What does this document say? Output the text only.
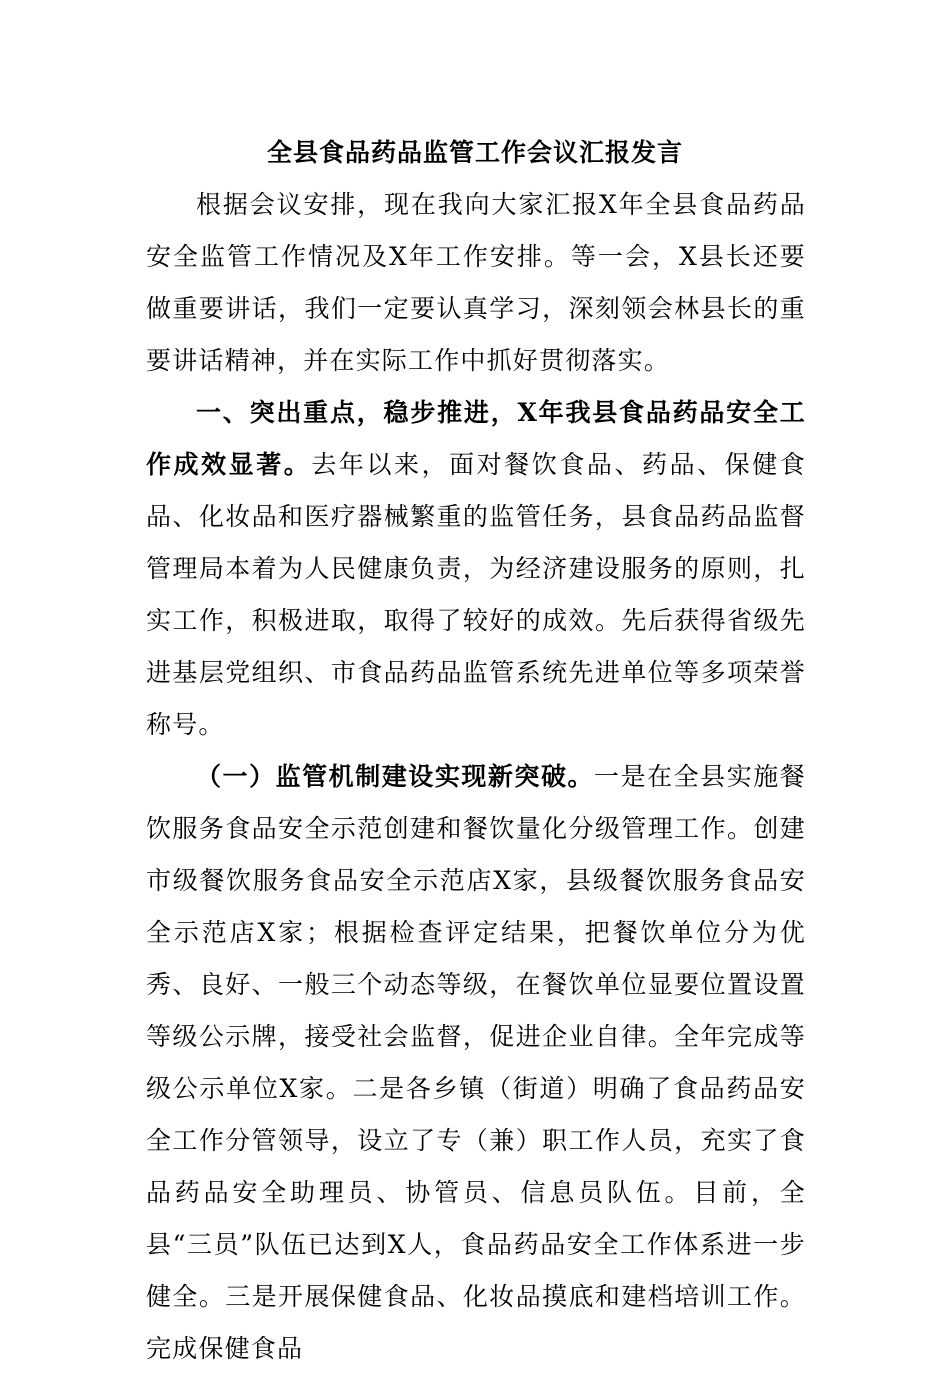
全县食品药品监管工作会议汇报发言

根据会议安排，现在我向大家汇报X年全县食品药品安全监管工作情况及X年工作安排。等一会，X县长还要做重要讲话，我们一定要认真学习，深刻领会林县长的重要讲话精神，并在实际工作中抓好贯彻落实。

一、突出重点，稳步推进，X年我县食品药品安全工作成效显著。去年以来，面对餐饮食品、药品、保健食品、化妆品和医疗器械繁重的监管任务，县食品药品监督管理局本着为人民健康负责，为经济建设服务的原则，扎实工作，积极进取，取得了较好的成效。先后获得省级先进基层党组织、市食品药品监管系统先进单位等多项荣誉称号。

（一）监管机制建设实现新突破。一是在全县实施餐饮服务食品安全示范创建和餐饮量化分级管理工作。创建市级餐饮服务食品安全示范店X家，县级餐饮服务食品安全示范店X家；根据检查评定结果，把餐饮单位分为优秀、良好、一般三个动态等级，在餐饮单位显要位置设置等级公示牌，接受社会监督，促进企业自律。全年完成等级公示单位X家。二是各乡镇（街道）明确了食品药品安全工作分管领导，设立了专（兼）职工作人员，充实了食品药品安全助理员、协管员、信息员队伍。目前，全县“三员”队伍已达到X人，食品药品安全工作体系进一步健全。三是开展保健食品、化妆品摸底和建档培训工作。完成保健食品
